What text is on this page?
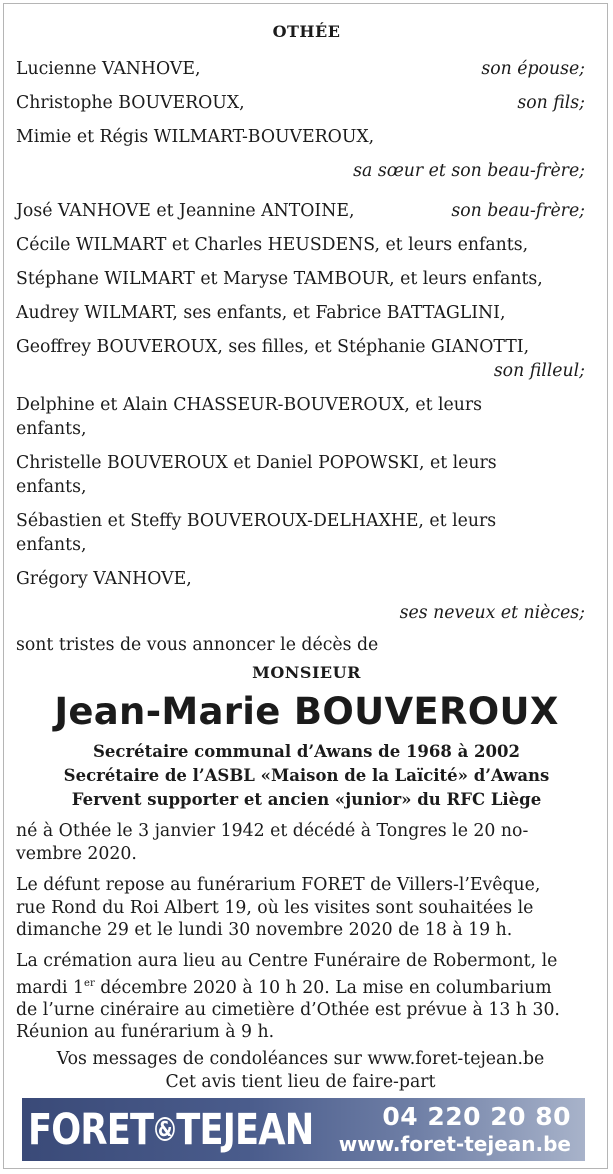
OTHÉE
Lucienne VANHOVE,	son épouse;
Christophe BOUVEROUX,	son fils;
Mimie et Régis WILMART-BOUVEROUX,
sa sœur et son beau-frère;
José VANHOVE et Jeannine ANTOINE,	son beau-frère;
Cécile WILMART et Charles HEUSDENS, et leurs enfants,
Stéphane WILMART et Maryse TAMBOUR, et leurs enfants,
Audrey WILMART, ses enfants, et Fabrice BATTAGLINI,
Geoffrey BOUVEROUX, ses filles, et Stéphanie GIANOTTI,
son filleul;
Delphine et Alain CHASSEUR-BOUVEROUX, et leurs
enfants,
Christelle BOUVEROUX et Daniel POPOWSKI, et leurs
enfants,
Sébastien et Steffy BOUVEROUX-DELHAXHE, et leurs
enfants,
Grégory VANHOVE,
ses neveux et nièces;
sont tristes de vous annoncer le décès de
MONSIEUR
Jean-Marie BOUVEROUX
Secrétaire communal d’Awans de 1968 à 2002
Secrétaire de l’ASBL «Maison de la Laïcité» d’Awans
Fervent supporter et ancien «junior» du RFC Liège
né à Othée le 3 janvier 1942 et décédé à Tongres le 20 no-
vembre 2020.
Le défunt repose au funérarium FORET de Villers-l’Evêque,
rue Rond du Roi Albert 19, où les visites sont souhaitées le
dimanche 29 et le lundi 30 novembre 2020 de 18 à 19 h.
La crémation aura lieu au Centre Funéraire de Robermont, le
mardi 1er décembre 2020 à 10 h 20. La mise en columbarium
de l’urne cinéraire au cimetière d’Othée est prévue à 13 h 30.
Réunion au funérarium à 9 h.
Vos messages de condoléances sur www.foret-tejean.be
Cet avis tient lieu de faire-part
FORET & TEJEAN	04 220 20 80
www.foret-tejean.be
